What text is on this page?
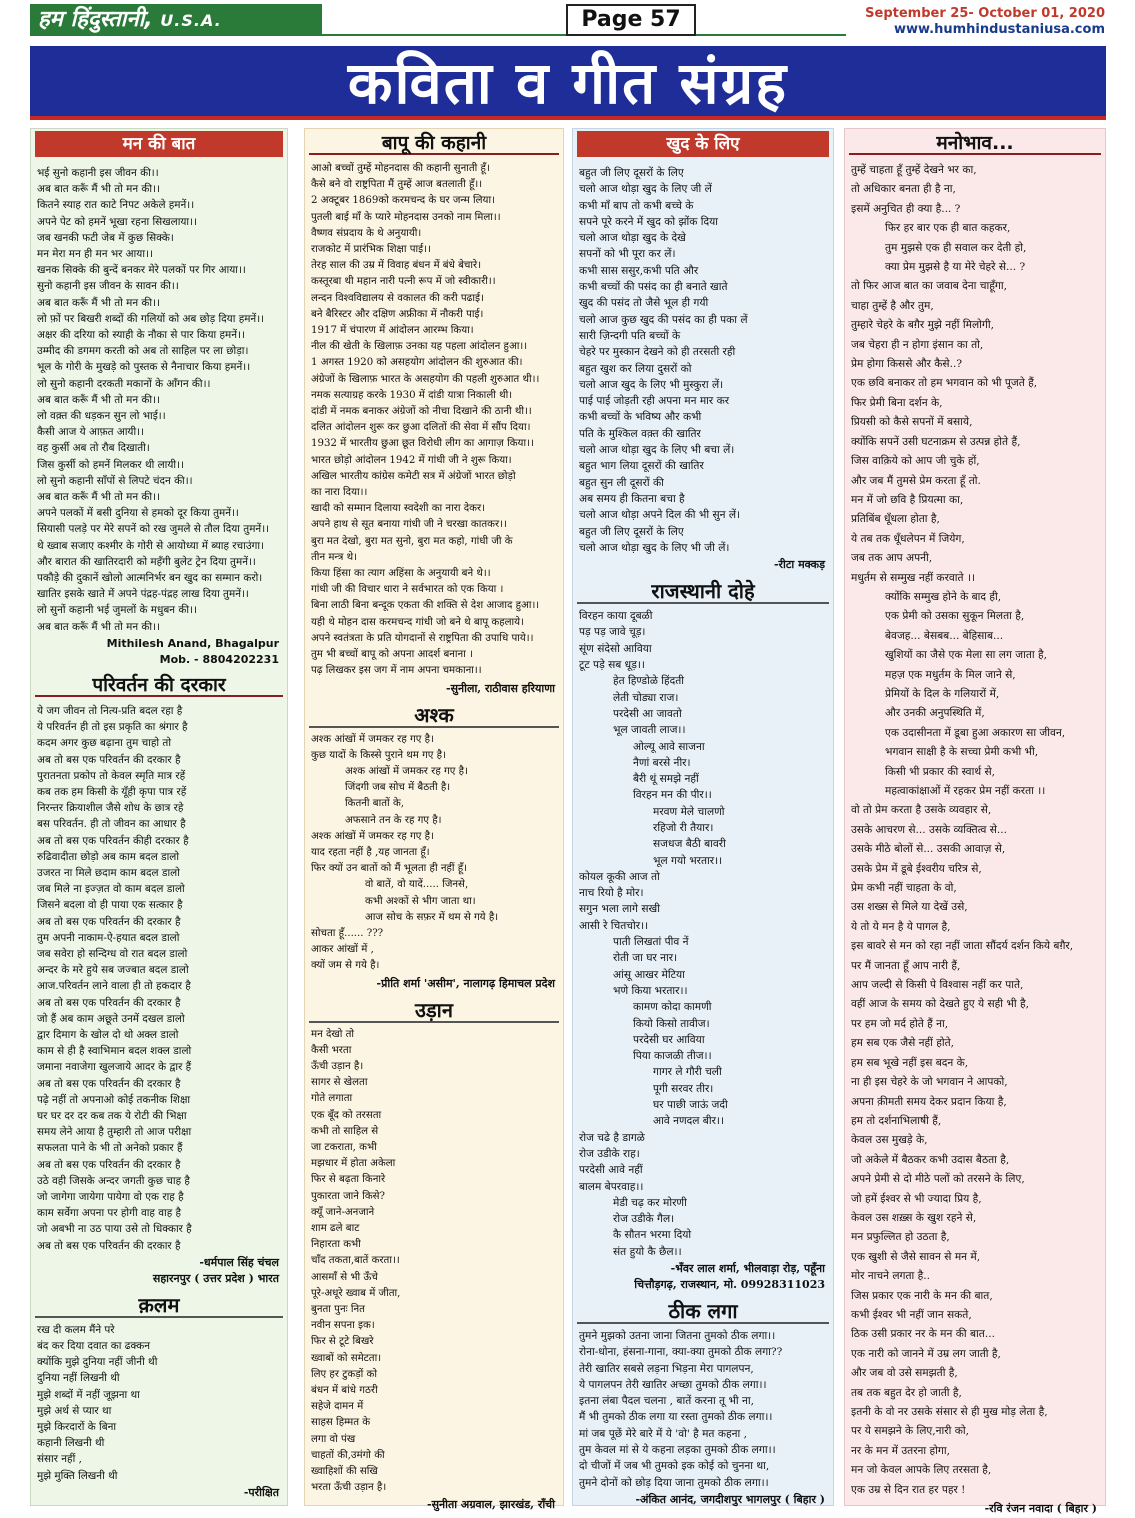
हम हिंदुस्तानी, U.S.A.	Page 57	September 25- October 01, 2020
www.humhindustaniusa.com
कविता व गीत संग्रह
मन की बात
भई सुनो कहानी इस जीवन की।।
अब बात करूँ मैं भी तो मन की।।
कितने स्याह रात काटे निपट अकेले हमनें।।
अपने पेट को हमनें भूखा रहना सिखलाया।।
जब खनकी फटी जेब में कुछ सिक्के।
मन मेरा मन ही मन भर आया।।
खनक सिक्के की बुन्दें बनकर मेरे पलकों पर गिर आया।।
सुनो कहानी इस जीवन के सावन की।।
अब बात करूँ मैं भी तो मन की।।
लो फ़ों पर बिखरी शब्दों की गलियों को अब छोड़ दिया हमनें।।
अक्षर की दरिया को स्याही के नौका से पार किया हमनें।।
उम्मीद की डगमग करती को अब तो साहिल पर ला छोड़ा।
भूल के गोरी के मुखड़े को पुस्तक से नैनाचार किया हमनें।।
लो सुनो कहानी दरकती मकानों के आँगन की।।
अब बात करूँ मैं भी तो मन की।।
लो वक़्त की धड़कन सुन लो भाई।।
कैसी आज ये आफ़त आयी।।
वह कुर्सी अब तो रौब दिखाती।
जिस कुर्सी को हमनें मिलकर थी लायी।।
लो सुनो कहानी साँपों से लिपटे चंदन की।।
अब बात करूँ मैं भी तो मन की।।
अपने पलकों में बसी दुनिया से हमको दूर किया तुमनें।।
सियासी पलड़े पर मेरे सपनें को रख जुमले से तौल दिया तुमनें।।
थे ख्वाब सजाए कश्मीर के गोरी से आयोध्या में ब्याह रचाउंगा।
और बारात की खातिरदारी को महँगी बुलेट ट्रेन दिया तुमनें।।
पकौड़े की दुकानें खोलो आत्मनिर्भर बन खुद का सम्मान करो।
खातिर इसके खाते में अपने पंद्रह-पंद्रह लाख दिया तुमनें।।
लो सुनों कहानी भई जुमलों के मधुबन की।।
अब बात करूँ मैं भी तो मन की।।
Mithilesh Anand, Bhagalpur
Mob. - 8804202231
परिवर्तन की दरकार
ये जग जीवन तो नित्य-प्रति बदल रहा है
ये परिवर्तन ही तो इस प्रकृति का श्रंगार है
कदम अगर कुछ बढ़ाना तुम चाहो तो
अब तो बस एक परिवर्तन की दरकार है
पुरातनता प्रकोप तो केवल स्मृति मात्र रहें
कब तक हम किसी के यूँही कृपा पात्र रहें
निरन्तर क्रियाशील जैसे शोध के छात्र रहे
बस परिवर्तन. ही तो जीवन का आधार है
अब तो बस एक परिवर्तन कीही दरकार है
रुढिवादीता छोड़ो अब काम बदल डालो
उजरत ना मिले छदाम काम बदल डालो
जब मिले ना इज्ज़त वो काम बदल डालो
जिसने बदला वो ही पाया एक सत्कार है
अब तो बस एक परिवर्तन की दरकार है
तुम अपनी नाकाम-ऐ-हयात बदल डालो
जब सवेरा हो सन्दिग्ध वो रात बदल डालो
अन्दर के मरे हुये सब जज्बात बदल डालो
आज.परिवर्तन लाने वाला ही तो हकदार है
अब तो बस एक परिवर्तन की दरकार है
जो हैं अब काम अछूते उनमें दखल डालो
द्वार दिमाग के खोल दो थो अक्ल डालो
काम से ही है स्वाभिमान बदल शक्ल डालो
जमाना नवाजेगा खुलजाये आदर के द्वार हैं
अब तो बस एक परिवर्तन की दरकार है
पढ़े नहीं तो अपनाओ कोई तकनीक शिक्षा
घर घर दर दर कब तक ये रोटी की भिक्षा
समय लेने आया है तुम्हारी तो आज परीक्षा
सफलता पाने के भी तो अनेको प्रकार हैं
अब तो बस एक परिवर्तन की दरकार है
उठे वही जिसके अन्दर जगती कुछ चाह है
जो जागेगा जायेगा पायेगा वो एक राह है
काम सर्वेगा अपना पर होगी वाह वाह है
जो अबभी ना उठ पाया उसे तो धिक्कार है
अब तो बस एक परिवर्तन की दरकार है
-धर्मपाल सिंह चंचल
सहारनपुर ( उत्तर प्रदेश ) भारत
क़लम
रख दी कलम मैंने परे
बंद कर दिया दवात का ढक्कन
क्योंकि मुझे दुनिया नहीं जीनी थी
दुनिया नहीं लिखनी थी
मुझे शब्दों में नहीं जूझना था
मुझे अर्थ से प्यार था
मुझे किरदारों के बिना
कहानी लिखनी थी
संसार नहीं ,
मुझे मुक्ति लिखनी थी
-परीक्षित
बापू की कहानी
आओ बच्चों तुम्हें मोहनदास की कहानी सुनाती हूँ।
कैसे बने वो राष्ट्रपिता मैं तुम्हें आज बतलाती हूँ।।
2 अक्टूबर 1869को करमचन्द के घर जन्म लिया।
पुतली बाई माँ के प्यारे मोहनदास उनको नाम मिला।।
वैष्णव संप्रदाय के थे अनुयायी।
राजकोट में प्रारंभिक शिक्षा पाई।।
तेरह साल की उम्र में विवाह बंधन में बंधे बेचारे।
कस्तूरबा थी महान नारी पत्नी रूप में जो स्वीकारी।।
लन्दन विश्वविद्यालय से वकालत की करी पढाई।
बने बैरिस्टर और दक्षिण अफ्रीका में नौकरी पाई।
1917 में चंपारण में आंदोलन आरम्भ किया।
नील की खेती के खिलाफ़ उनका यह पहला आंदोलन हुआ।।
1 अगस्त 1920 को असहयोग आंदोलन की शुरुआत की।
अंग्रेजों के खिलाफ़ भारत के असहयोग की पहली शुरुआत थी।।
नमक सत्याग्रह करके 1930 में दांडी यात्रा निकाली थी।
दांडी में नमक बनाकर अंग्रेजों को नीचा दिखाने की ठानी थी।।
दलित आंदोलन शुरू कर छुआ दलितों की सेवा में सौंप दिया।
1932 में भारतीय छुआ छूत विरोधी लीग का आगाज़ किया।।
भारत छोड़ो आंदोलन 1942 में गांधी जी ने शुरू किया।
अखिल भारतीय कांग्रेस कमेटी सत्र में अंग्रेजों भारत छोड़ो
का नारा दिया।।
खादी को सम्मान दिलाया स्वदेशी का नारा देकर।
अपने हाथ से सूत बनाया गांधी जी ने चरखा कातकर।।
बुरा मत देखो, बुरा मत सुनो, बुरा मत कहो, गांधी जी के
तीन मन्त्र थे।
किया हिंसा का त्याग अहिंसा के अनुयायी बने थे।।
गांधी जी की विचार धारा ने सर्वभारत को एक किया ।
बिना लाठी बिना बन्दूक एकता की शक्ति से देश आजाद हुआ।।
यही थे मोहन दास करमचन्द गांधी जो बने थे बापू कहलाये।
अपने स्वतंत्रता के प्रति योगदानों से राष्ट्रपिता की उपाधि पाये।।
तुम भी बच्चों बापू को अपना आदर्श बनाना ।
पढ़ लिखकर इस जग में नाम अपना चमकाना।।
-सुनीला, राठीवास हरियाणा
अश्क
अश्क आंखों में जमकर रह गए है।
कुछ यादों के किस्से पुराने थम गए है।
अश्क आंखों में जमकर रह गए है।
जिंदगी जब सोच में बैठती है।
कितनी बातों के,
अफसाने तन के रह गए है।
अश्क आंखों में जमकर रह गए है।
याद रहता नहीं है ,यह जानता हूँ।
फिर क्यों उन बातों को मैं भूलता ही नहीं हूँ।
वो बातें, वो यादें..... जिनसे,
कभी अश्कों से भीग जाता था।
आज सोच के सफ़र में थम से गये है।
सोचता हूँ...... ???
आकर आंखों में ,
क्यों जम से गये है।
-प्रीति शर्मा 'असीम', नालागढ़ हिमाचल प्रदेश
उड़ान
मन देखो तो
कैसी भरता
ऊँची उड़ान है।
सागर से खेलता
गोते लगाता
एक बूँद को तरसता
कभी तो साहिल से
जा टकराता, कभी
मझधार में होता अकेला
फिर से बढ़ता किनारे
पुकारता जाने किसे?
क्यूँ जाने-अनजाने
शाम ढले बाट
निहारता कभी
चाँद तकता,बातें करता।।
आसमाँ से भी ऊँचे
पूरे-अधूरे ख्वाब में जीता,
बुनता पुनः नित
नवीन सपना इक।
फिर से टूटे बिखरे
ख्वाबों को समेटता।
लिए हर टुकड़ों को
बंधन में बांधे गठरी
सहेजे दामन में
साहस हिम्मत के
लगा वो पंख
चाहतों की,उमंगो की
ख्वाहिशों की सखि
भरता ऊँची उड़ान है।
-सुनीता अग्रवाल, झारखंड, राँची
खुद के लिए
बहुत जी लिए दूसरों के लिए
चलो आज थोड़ा खुद के लिए जी लें
कभी माँ बाप तो कभी बच्चे के
सपने पूरे करने में खुद को झोंक दिया
चलो आज थोड़ा खुद के देखे
सपनों को भी पूरा कर लें।
कभी सास ससुर,कभी पति और
कभी बच्चों की पसंद का ही बनाते खाते
खुद की पसंद तो जैसे भूल ही गयी
चलो आज कुछ खुद की पसंद का ही पका लें
सारी ज़िन्दगी पति बच्चों के
चेहरे पर मुस्कान देखने को ही तरसती रही
बहुत खुश कर लिया दुसरों को
चलो आज खुद के लिए भी मुस्कुरा लें।
पाई पाई जोड़ती रही अपना मन मार कर
कभी बच्चों के भविष्य और कभी
पति के मुश्किल वक़्त की खातिर
चलो आज थोड़ा खुद के लिए भी बचा लें।
बहुत भाग लिया दूसरों की खातिर
बहुत सुन ली दूसरों की
अब समय ही कितना बचा है
चलो आज थोड़ा अपने दिल की भी सुन लें।
बहुत जी लिए दूसरों के लिए
चलो आज थोड़ा खुद के लिए भी जी लें।
-रीटा मक्कड़
राजस्थानी दोहे
विरहन काया दूबळी
पड़ पड़ जावे चूड़।
सूंण संदेसो आविया
टूट पड़े सब धूड़।।
हेत हिण्डोळे हिंदती
लेती चोड्या राज।
परदेसी आ जावतो
भूल जावती लाज।।
ओल्यू आवे साजना
नैणां बरसे नीर।
बैरी थूं समझे नहीं
विरहन मन की पीर।।
मरवण मेले चालणो
रहिजो री तैयार।
सजधज बैठी बावरी
भूल गयो भरतार।।
कोयल कूकी आज तो
नाच रियो है मोर।
सगुन भला लागे सखी
आसी रे चितचोर।।
पाती लिखतां पीव नें
रोती जा घर नार।
आंसू आखर मेटिया
भणे किया भरतार।।
कामण कोदा कामणी
कियो किसो तावीज।
परदेसी घर आविया
पिया काजळी तीज।।
गागर ले गौरी चली
पूगी सरवर तीर।
घर पाछी जाऊं जदी
आवे नणदल बीर।।
रोज चढे है डागळे
रोज उडीके राह।
परदेसी आवे नहीं
बालम बेपरवाह।।
मेडी चढ़ कर मोरणी
रोज उडीके गैल।
कै सौतन भरमा दियो
संत हुयो कै छैल।।
-भँवर लाल शर्मा, भीलवाड़ा रोड़, पहूँना
चित्तौड़गढ़, राजस्थान, मो. 09928311023
ठीक लगा
तुमने मुझको उतना जाना जितना तुमको ठीक लगा।।
रोना-धोना, हंसना-गाना, क्या-क्या तुमको ठीक लगा??
तेरी खातिर सबसे लड़ना भिड़ना मेरा पागलपन,
ये पागलपन तेरी खातिर अच्छा तुमको ठीक लगा।।
इतना लंबा पैदल चलना , बातें करना तू भी ना,
मैं भी तुमको ठीक लगा या रस्ता तुमको ठीक लगा।।
मां जब पूछें मेरे बारे में ये 'वो' है मत कहना ,
तुम केवल मां से ये कहना लड़का तुमको ठीक लगा।।
दो चीजों में जब भी तुमको इक कोई को चुनना था,
तुमने दोनों को छोड़ दिया जाना तुमको ठीक लगा।।
-अंकित आनंद, जगदीशपुर भागलपुर ( बिहार )
मनोभाव...
तुम्हें चाहता हूँ तुम्हें देखने भर का,
तो अधिकार बनता ही है ना,
इसमें अनुचित ही क्या है... ?
फिर हर बार एक ही बात कहकर,
तुम मुझसे एक ही सवाल कर देती हो,
क्या प्रेम मुझसे है या मेरे चेहरे से... ?
तो फिर आज बात का जवाब देना चाहूँगा,
चाहा तुम्हें है और तुम,
तुम्हारे चेहरे के बग़ैर मुझे नहीं मिलोगी,
जब चेहरा ही न होगा इंसान का तो,
प्रेम होगा किससे और कैसे..?
एक छवि बनाकर तो हम भगवान को भी पूजते हैं,
फिर प्रेमी बिना दर्शन के,
प्रियसी को कैसे सपनों में बसाये,
क्योंकि सपनें उसी घटनाक्रम से उत्पन्न होते हैं,
जिस वाक़िये को आप जी चुके हों,
और जब मैं तुमसे प्रेम करता हूँ तो.
मन में जो छवि है प्रियत्मा का,
प्रतिबिंब धूँधला होता है,
ये तब तक धूँधलेपन में जियेग,
जब तक आप अपनी,
मधुर्तम से सम्मुख नहीं करवाते ।।
क्योंकि सम्मुख होने के बाद ही,
एक प्रेमी को उसका सुकून मिलता है,
बेवजह... बेसबब... बेहिसाब...
खुशियों का जैसे एक मेला सा लग जाता है,
महज़ एक मधुर्तम के मिल जाने से,
प्रेमियों के दिल के गलियारों में,
और उनकी अनुपस्थिति में,
एक उदासीनता में डूबा हुआ अकारण सा जीवन,
भगवान साक्षी है के सच्चा प्रेमी कभी भी,
किसी भी प्रकार की स्वार्थ से,
महत्वाकांक्षाओं में रहकर प्रेम नहीं करता ।।
वो तो प्रेम करता है उसके व्यवहार से,
उसके आचरण से... उसके व्यक्तित्व से...
उसके मीठे बोलों से... उसकी आवाज़ से,
उसके प्रेम में डूबे ईश्वरीय चरित्र से,
प्रेम कभी नहीं चाहता के वो,
उस शख्स से मिले या देखें उसे,
ये तो ये मन है ये पागल है,
इस बावरे से मन को रहा नहीं जाता सौंदर्य दर्शन किये बग़ैर,
पर मैं जानता हूँ आप नारी हैं,
आप जल्दी से किसी पे विश्वास नहीं कर पाते,
वहीं आज के समय को देखते हुए ये सही भी है,
पर हम जो मर्द होते हैं ना,
हम सब एक जैसे नहीं होते,
हम सब भूखे नहीं इस बदन के,
ना ही इस चेहरे के जो भगवान ने आपको,
अपना क़ीमती समय देकर प्रदान किया है,
हम तो दर्शनाभिलाषी हैं,
केवल उस मुखड़े के,
जो अकेले में बैठकर कभी उदास बैठता है,
अपने प्रेमी से दो मीठे पलों को तरसने के लिए,
जो हमें ईश्वर से भी ज्यादा प्रिय है,
केवल उस शख़्स के खुश रहने से,
मन प्रफुल्लित हो उठता है,
एक खुशी से जैसे सावन से मन में,
मोर नाचने लगता है..
जिस प्रकार एक नारी के मन की बात,
कभी ईश्वर भी नहीं जान सकते,
ठिक उसी प्रकार नर के मन की बात...
एक नारी को जानने में उम्र लग जाती है,
और जब वो उसे समझती है,
तब तक बहुत देर हो जाती है,
इतनी के वो नर उसके संसार से ही मुख मोड़ लेता है,
पर ये समझने के लिए,नारी को,
नर के मन में उतरना होगा,
मन जो केवल आपके लिए तरसता है,
एक उम्र से दिन रात हर पहर !
-रवि रंजन नवादा ( बिहार )
